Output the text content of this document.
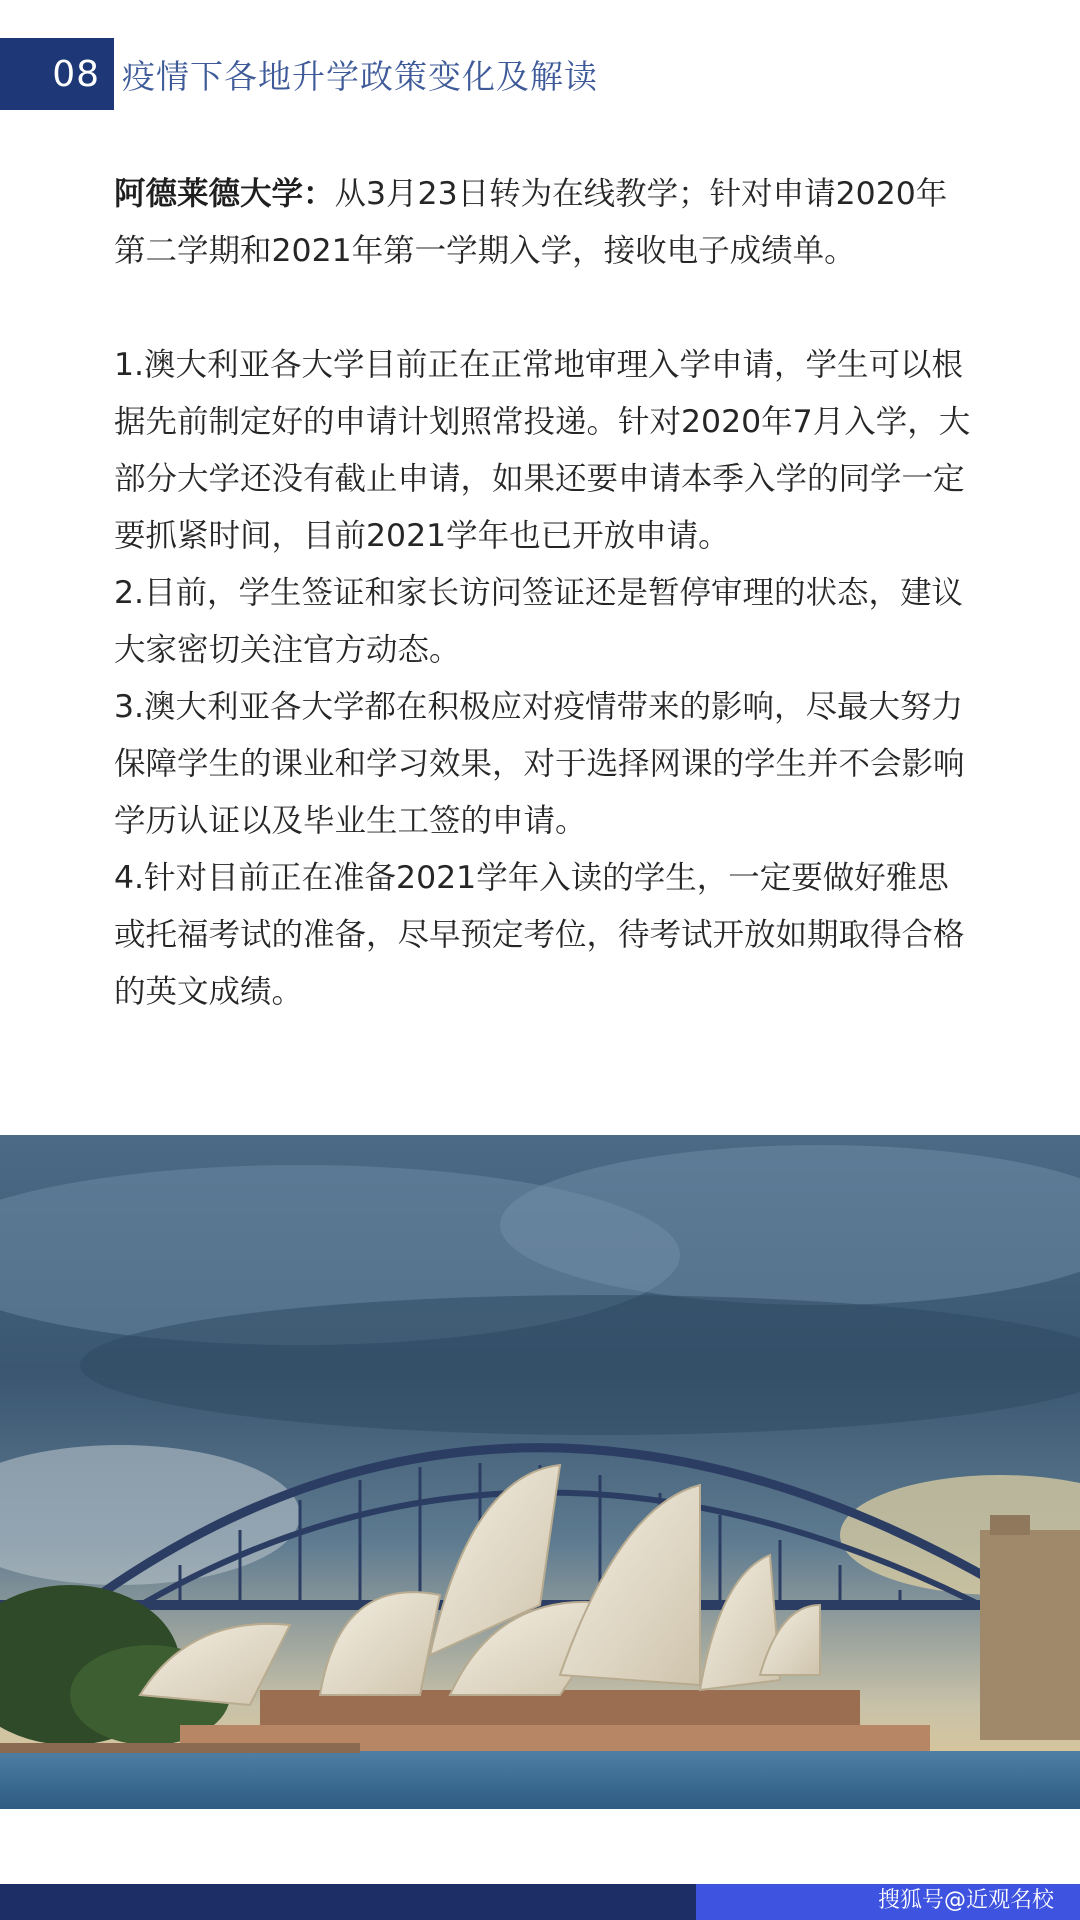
08 疫情下各地升学政策变化及解读

阿德莱德大学：从3月23日转为在线教学；针对申请2020年第二学期和2021年第一学期入学，接收电子成绩单。

1.澳大利亚各大学目前正在正常地审理入学申请，学生可以根据先前制定好的申请计划照常投递。针对2020年7月入学，大部分大学还没有截止申请，如果还要申请本季入学的同学一定要抓紧时间，目前2021学年也已开放申请。

2.目前，学生签证和家长访问签证还是暂停审理的状态，建议大家密切关注官方动态。

3.澳大利亚各大学都在积极应对疫情带来的影响，尽最大努力保障学生的课业和学习效果，对于选择网课的学生并不会影响学历认证以及毕业生工签的申请。

4.针对目前正在准备2021学年入读的学生，一定要做好雅思或托福考试的准备，尽早预定考位，待考试开放如期取得合格的英文成绩。

搜狐号@近观名校
